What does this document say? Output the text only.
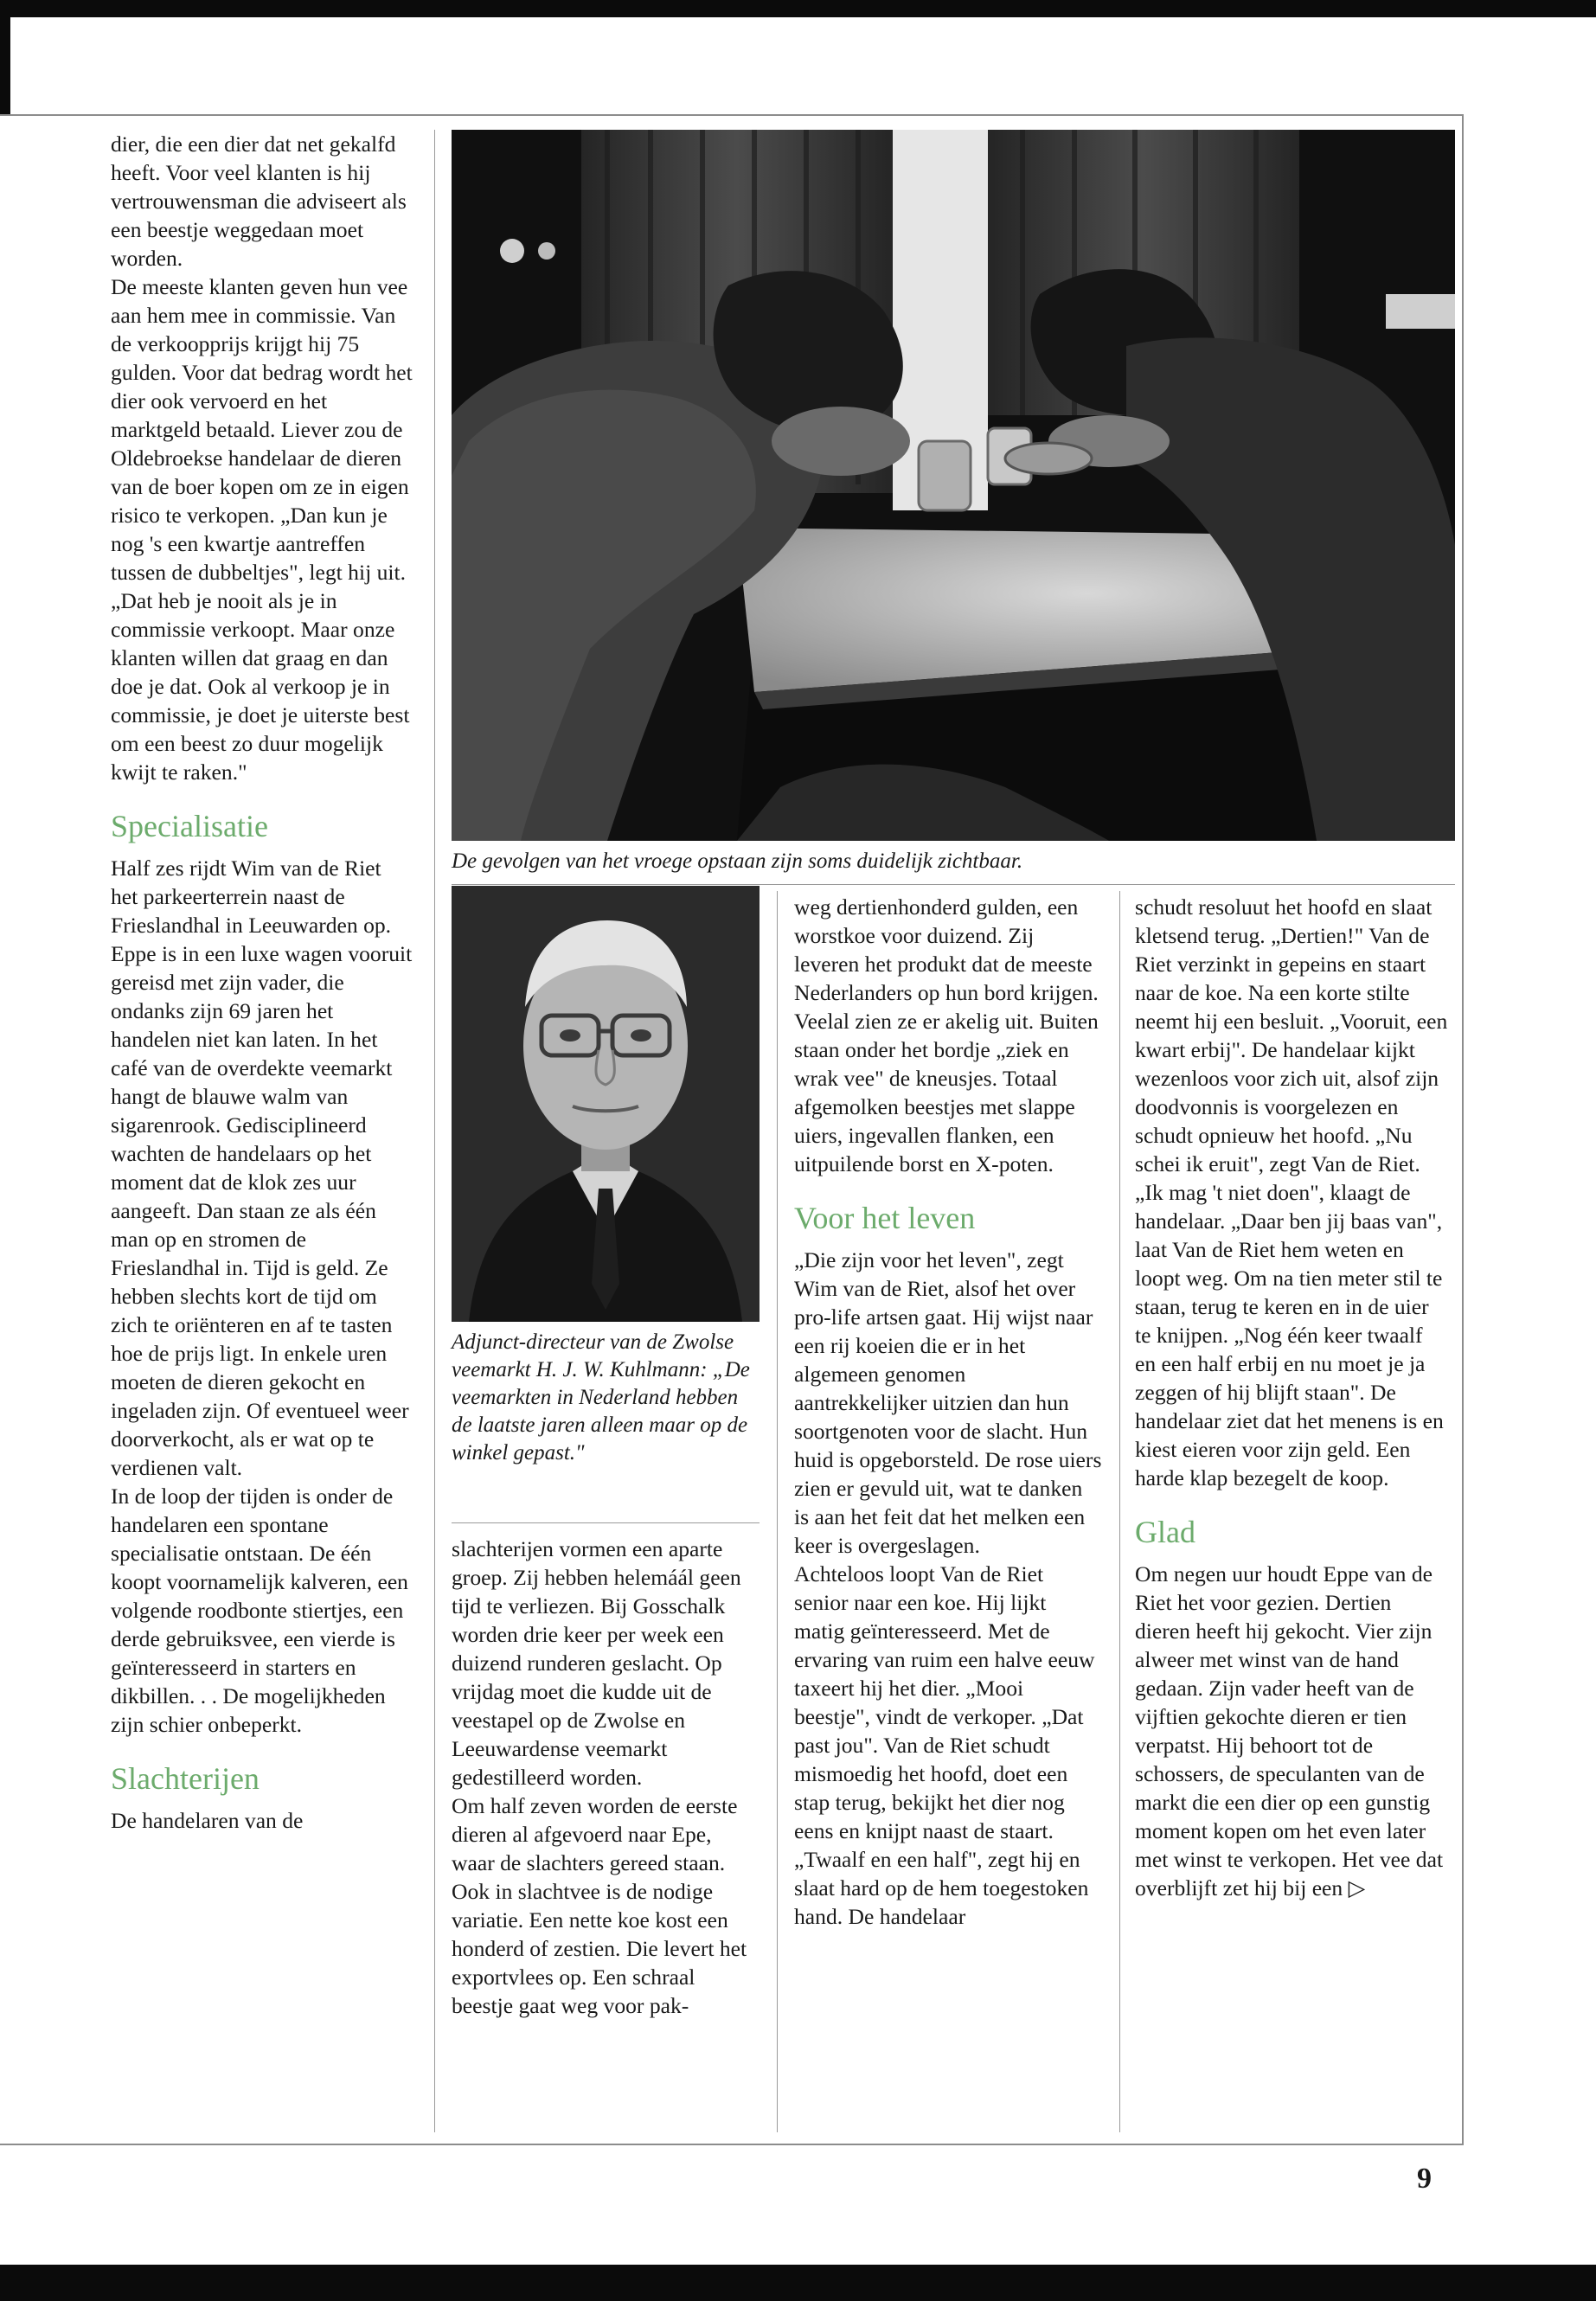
De gevolgen van het vroege opstaan zijn soms duidelijk zichtbaar.
Adjunct-directeur van de Zwolse veemarkt H. J. W. Kuhlmann: „De veemarkten in Nederland hebben de laatste jaren alleen maar op de winkel gepast."

dier, die een dier dat net gekalfd heeft. Voor veel klanten is hij vertrouwensman die adviseert als een beestje weggedaan moet worden.

De meeste klanten geven hun vee aan hem mee in commissie. Van de verkoopprijs krijgt hij 75 gulden. Voor dat bedrag wordt het dier ook vervoerd en het marktgeld betaald. Liever zou de Oldebroekse handelaar de dieren van de boer kopen om ze in eigen risico te verkopen. „Dan kun je nog 's een kwartje aantreffen tussen de dubbeltjes", legt hij uit. „Dat heb je nooit als je in commissie verkoopt. Maar onze klanten willen dat graag en dan doe je dat. Ook al verkoop je in commissie, je doet je uiterste best om een beest zo duur mogelijk kwijt te raken."

Specialisatie

Half zes rijdt Wim van de Riet het parkeerterrein naast de Frieslandhal in Leeuwarden op. Eppe is in een luxe wagen vooruit gereisd met zijn vader, die ondanks zijn 69 jaren het handelen niet kan laten. In het café van de overdekte veemarkt hangt de blauwe walm van sigarenrook. Gedisciplineerd wachten de handelaars op het moment dat de klok zes uur aangeeft. Dan staan ze als één man op en stromen de Frieslandhal in. Tijd is geld. Ze hebben slechts kort de tijd om zich te oriënteren en af te tasten hoe de prijs ligt. In enkele uren moeten de dieren gekocht en ingeladen zijn. Of eventueel weer doorverkocht, als er wat op te verdienen valt.

In de loop der tijden is onder de handelaren een spontane specialisatie ontstaan. De één koopt voornamelijk kalveren, een volgende roodbonte stiertjes, een derde gebruiksvee, een vierde is geïnteresseerd in starters en dikbillen. . . De mogelijkheden zijn schier onbeperkt.

Slachterijen

De handelaren van de

slachterijen vormen een aparte groep. Zij hebben helemáál geen tijd te verliezen. Bij Gosschalk worden drie keer per week een duizend runderen geslacht. Op vrijdag moet die kudde uit de veestapel op de Zwolse en Leeuwardense veemarkt gedestilleerd worden.

Om half zeven worden de eerste dieren al afgevoerd naar Epe, waar de slachters gereed staan.

Ook in slachtvee is de nodige variatie. Een nette koe kost een honderd of zestien. Die levert het exportvlees op. Een schraal beestje gaat weg voor pak-

weg dertienhonderd gulden, een worstkoe voor duizend. Zij leveren het produkt dat de meeste Nederlanders op hun bord krijgen. Veelal zien ze er akelig uit. Buiten staan onder het bordje „ziek en wrak vee" de kneusjes. Totaal afgemolken beestjes met slappe uiers, ingevallen flanken, een uitpuilende borst en X-poten.

Voor het leven

„Die zijn voor het leven", zegt Wim van de Riet, alsof het over pro-life artsen gaat. Hij wijst naar een rij koeien die er in het algemeen genomen aantrekkelijker uitzien dan hun soortgenoten voor de slacht. Hun huid is opgeborsteld. De rose uiers zien er gevuld uit, wat te danken is aan het feit dat het melken een keer is overgeslagen.

Achteloos loopt Van de Riet senior naar een koe. Hij lijkt matig geïnteresseerd. Met de ervaring van ruim een halve eeuw taxeert hij het dier. „Mooi beestje", vindt de verkoper. „Dat past jou". Van de Riet schudt mismoedig het hoofd, doet een stap terug, bekijkt het dier nog eens en knijpt naast de staart. „Twaalf en een half", zegt hij en slaat hard op de hem toegestoken hand. De handelaar

schudt resoluut het hoofd en slaat kletsend terug. „Dertien!" Van de Riet verzinkt in gepeins en staart naar de koe. Na een korte stilte neemt hij een besluit. „Vooruit, een kwart erbij". De handelaar kijkt wezenloos voor zich uit, alsof zijn doodvonnis is voorgelezen en schudt opnieuw het hoofd. „Nu schei ik eruit", zegt Van de Riet. „Ik mag 't niet doen", klaagt de handelaar. „Daar ben jij baas van", laat Van de Riet hem weten en loopt weg. Om na tien meter stil te staan, terug te keren en in de uier te knijpen. „Nog één keer twaalf en een half erbij en nu moet je ja zeggen of hij blijft staan". De handelaar ziet dat het menens is en kiest eieren voor zijn geld. Een harde klap bezegelt de koop.

Glad

Om negen uur houdt Eppe van de Riet het voor gezien. Dertien dieren heeft hij gekocht. Vier zijn alweer met winst van de hand gedaan. Zijn vader heeft van de vijftien gekochte dieren er tien verpatst. Hij behoort tot de schossers, de speculanten van de markt die een dier op een gunstig moment kopen om het even later met winst te verkopen. Het vee dat overblijft zet hij bij een ▷

9
